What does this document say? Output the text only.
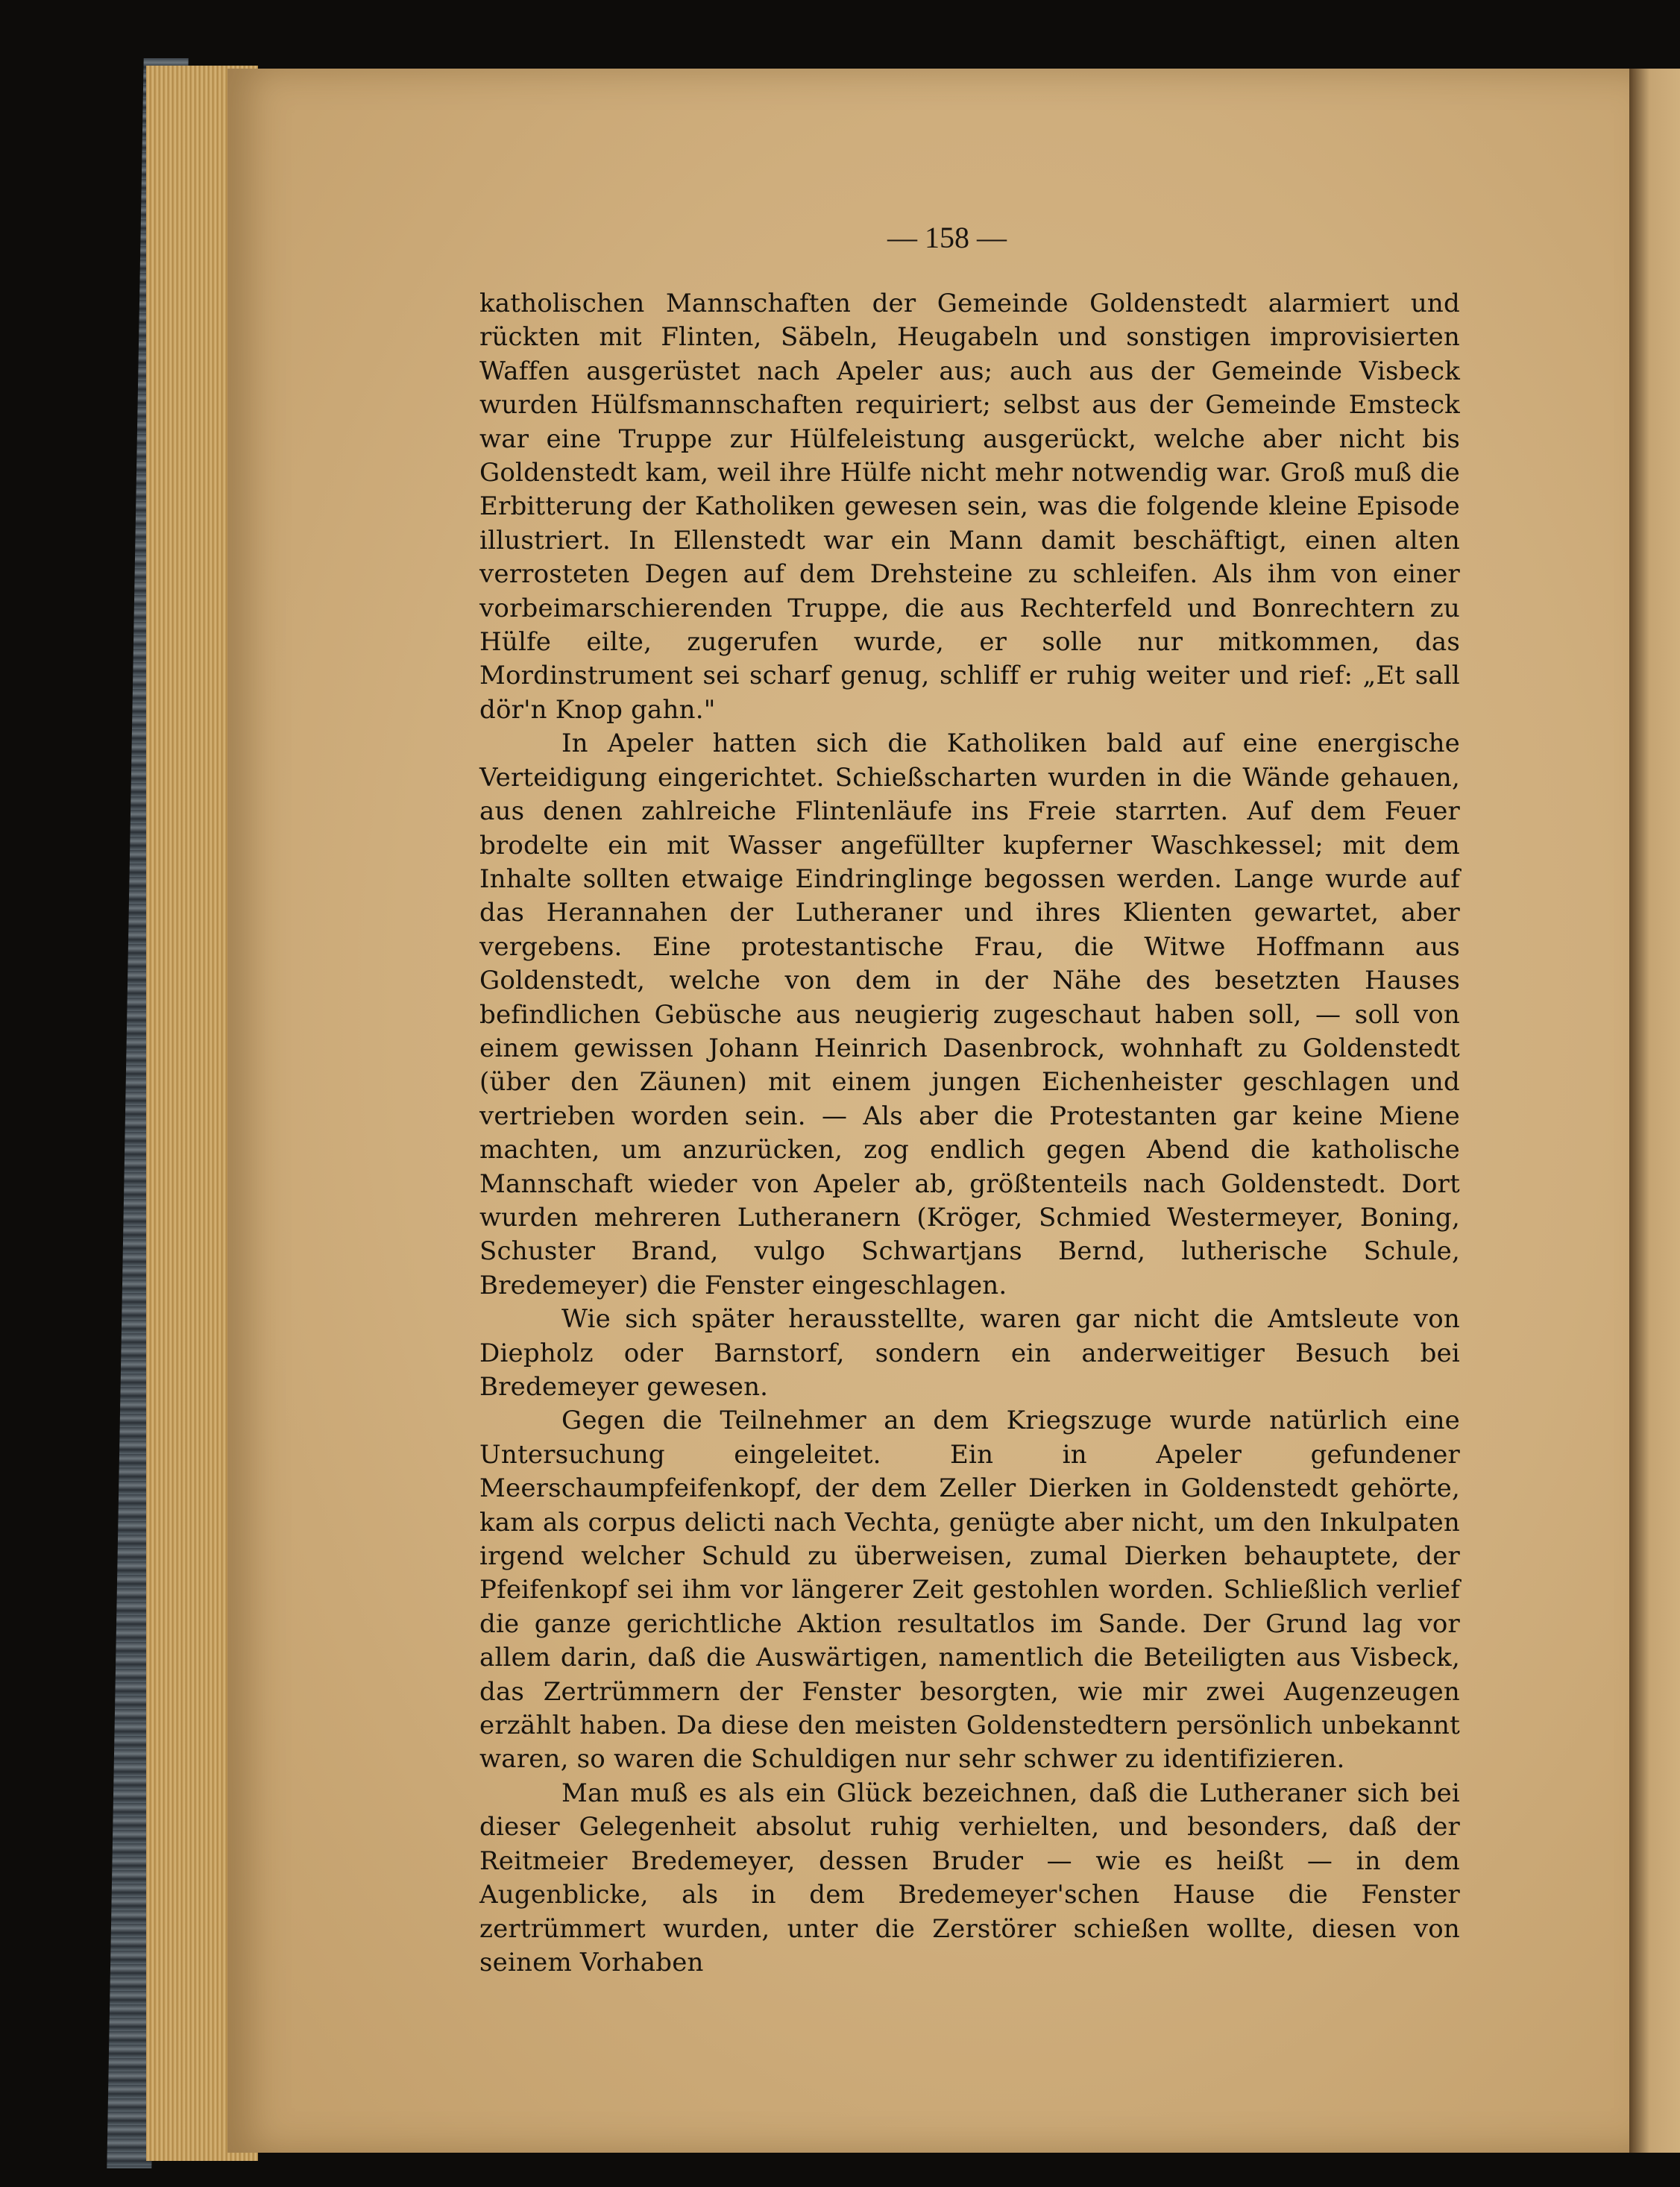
— 158 —

katholischen Mannschaften der Gemeinde Goldenstedt alarmiert und rückten mit Flinten, Säbeln, Heugabeln und sonstigen improvisierten Waffen ausgerüstet nach Apeler aus; auch aus der Gemeinde Visbeck wurden Hülfsmannschaften requiriert; selbst aus der Gemeinde Emsteck war eine Truppe zur Hülfeleistung ausgerückt, welche aber nicht bis Goldenstedt kam, weil ihre Hülfe nicht mehr notwendig war. Groß muß die Erbitterung der Katholiken gewesen sein, was die folgende kleine Episode illustriert. In Ellenstedt war ein Mann damit beschäftigt, einen alten verrosteten Degen auf dem Drehsteine zu schleifen. Als ihm von einer vorbeimarschierenden Truppe, die aus Rechterfeld und Bonrechtern zu Hülfe eilte, zugerufen wurde, er solle nur mitkommen, das Mordinstrument sei scharf genug, schliff er ruhig weiter und rief: „Et sall dör'n Knop gahn."

In Apeler hatten sich die Katholiken bald auf eine energische Verteidigung eingerichtet. Schießscharten wurden in die Wände gehauen, aus denen zahlreiche Flintenläufe ins Freie starrten. Auf dem Feuer brodelte ein mit Wasser angefüllter kupferner Waschkessel; mit dem Inhalte sollten etwaige Eindringlinge begossen werden. Lange wurde auf das Herannahen der Lutheraner und ihres Klienten gewartet, aber vergebens. Eine protestantische Frau, die Witwe Hoffmann aus Goldenstedt, welche von dem in der Nähe des besetzten Hauses befindlichen Gebüsche aus neugierig zugeschaut haben soll, — soll von einem gewissen Johann Heinrich Dasenbrock, wohnhaft zu Goldenstedt (über den Zäunen) mit einem jungen Eichenheister geschlagen und vertrieben worden sein. — Als aber die Protestanten gar keine Miene machten, um anzurücken, zog endlich gegen Abend die katholische Mannschaft wieder von Apeler ab, größtenteils nach Goldenstedt. Dort wurden mehreren Lutheranern (Kröger, Schmied Westermeyer, Boning, Schuster Brand, vulgo Schwartjans Bernd, lutherische Schule, Bredemeyer) die Fenster eingeschlagen.

Wie sich später herausstellte, waren gar nicht die Amtsleute von Diepholz oder Barnstorf, sondern ein anderweitiger Besuch bei Bredemeyer gewesen.

Gegen die Teilnehmer an dem Kriegszuge wurde natürlich eine Untersuchung eingeleitet. Ein in Apeler gefundener Meerschaumpfeifenkopf, der dem Zeller Dierken in Goldenstedt gehörte, kam als corpus delicti nach Vechta, genügte aber nicht, um den Inkulpaten irgend welcher Schuld zu überweisen, zumal Dierken behauptete, der Pfeifenkopf sei ihm vor längerer Zeit gestohlen worden. Schließlich verlief die ganze gerichtliche Aktion resultatlos im Sande. Der Grund lag vor allem darin, daß die Auswärtigen, namentlich die Beteiligten aus Visbeck, das Zertrümmern der Fenster besorgten, wie mir zwei Augenzeugen erzählt haben. Da diese den meisten Goldenstedtern persönlich unbekannt waren, so waren die Schuldigen nur sehr schwer zu identifizieren.

Man muß es als ein Glück bezeichnen, daß die Lutheraner sich bei dieser Gelegenheit absolut ruhig verhielten, und besonders, daß der Reitmeier Bredemeyer, dessen Bruder — wie es heißt — in dem Augenblicke, als in dem Bredemeyer'schen Hause die Fenster zertrümmert wurden, unter die Zerstörer schießen wollte, diesen von seinem Vorhaben
